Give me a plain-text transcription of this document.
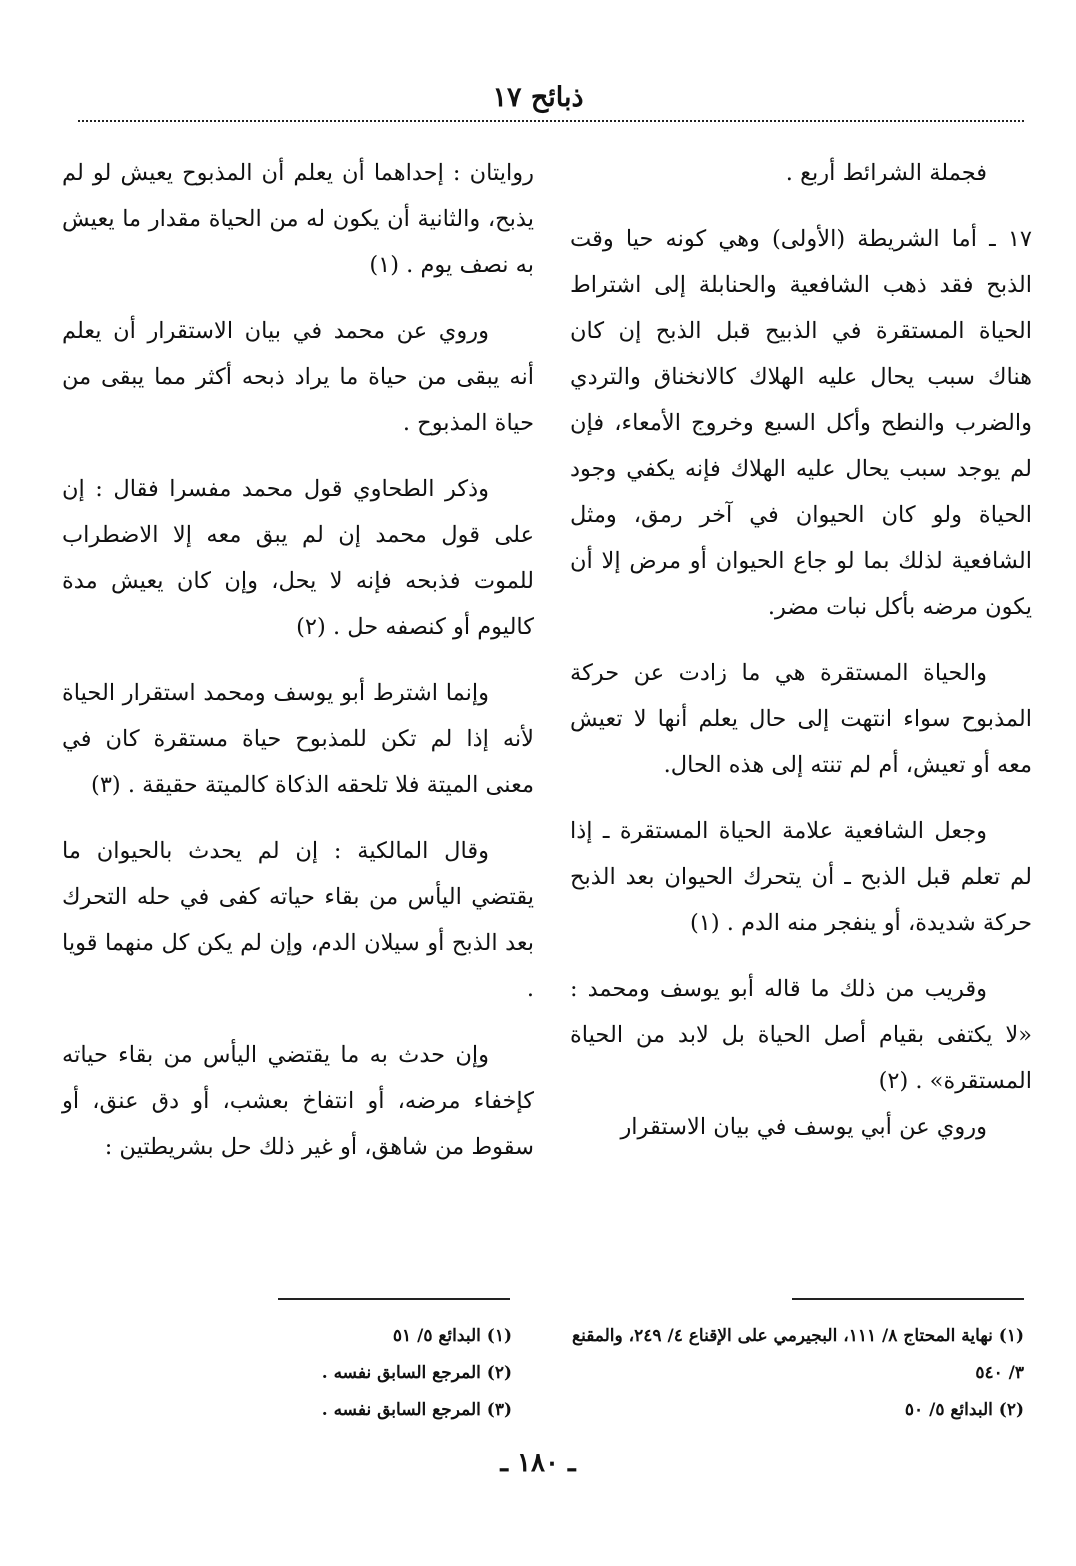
ذبائح ١٧

فجملة الشرائط أربع .

١٧ ـ أما الشريطة (الأولى) وهي كونه حيا وقت الذبح فقد ذهب الشافعية والحنابلة إلى اشتراط الحياة المستقرة في الذبيح قبل الذبح إن كان هناك سبب يحال عليه الهلاك كالانخناق والتردي والضرب والنطح وأكل السبع وخروج الأمعاء، فإن لم يوجد سبب يحال عليه الهلاك فإنه يكفي وجود الحياة ولو كان الحيوان في آخر رمق، ومثل الشافعية لذلك بما لو جاع الحيوان أو مرض إلا أن يكون مرضه بأكل نبات مضر.

والحياة المستقرة هي ما زادت عن حركة المذبوح سواء انتهت إلى حال يعلم أنها لا تعيش معه أو تعيش، أم لم تنته إلى هذه الحال.

وجعل الشافعية علامة الحياة المستقرة ـ إذا لم تعلم قبل الذبح ـ أن يتحرك الحيوان بعد الذبح حركة شديدة، أو ينفجر منه الدم . (١)

وقريب من ذلك ما قاله أبو يوسف ومحمد : «لا يكتفى بقيام أصل الحياة بل لابد من الحياة المستقرة» . (٢)

وروي عن أبي يوسف في بيان الاستقرار

روايتان : إحداهما أن يعلم أن المذبوح يعيش لو لم يذبح، والثانية أن يكون له من الحياة مقدار ما يعيش به نصف يوم . (١)

وروي عن محمد في بيان الاستقرار أن يعلم أنه يبقى من حياة ما يراد ذبحه أكثر مما يبقى من حياة المذبوح .

وذكر الطحاوي قول محمد مفسرا فقال : إن على قول محمد إن لم يبق معه إلا الاضطراب للموت فذبحه فإنه لا يحل، وإن كان يعيش مدة كاليوم أو كنصفه حل . (٢)

وإنما اشترط أبو يوسف ومحمد استقرار الحياة لأنه إذا لم تكن للمذبوح حياة مستقرة كان في معنى الميتة فلا تلحقه الذكاة كالميتة حقيقة . (٣)

وقال المالكية : إن لم يحدث بالحيوان ما يقتضي اليأس من بقاء حياته كفى في حله التحرك بعد الذبح أو سيلان الدم، وإن لم يكن كل منهما قويا .

وإن حدث به ما يقتضي اليأس من بقاء حياته كإخفاء مرضه، أو انتفاخ بعشب، أو دق عنق، أو سقوط من شاهق، أو غير ذلك حل بشريطتين :

(١) نهاية المحتاج ٨/ ١١١، البجيرمي على الإقناع ٤/ ٢٤٩، والمقنع ٣/ ٥٤٠

(٢) البدائع ٥/ ٥٠

(١) البدائع ٥/ ٥١

(٢) المرجع السابق نفسه .

(٣) المرجع السابق نفسه .

ـ ١٨٠ ـ
